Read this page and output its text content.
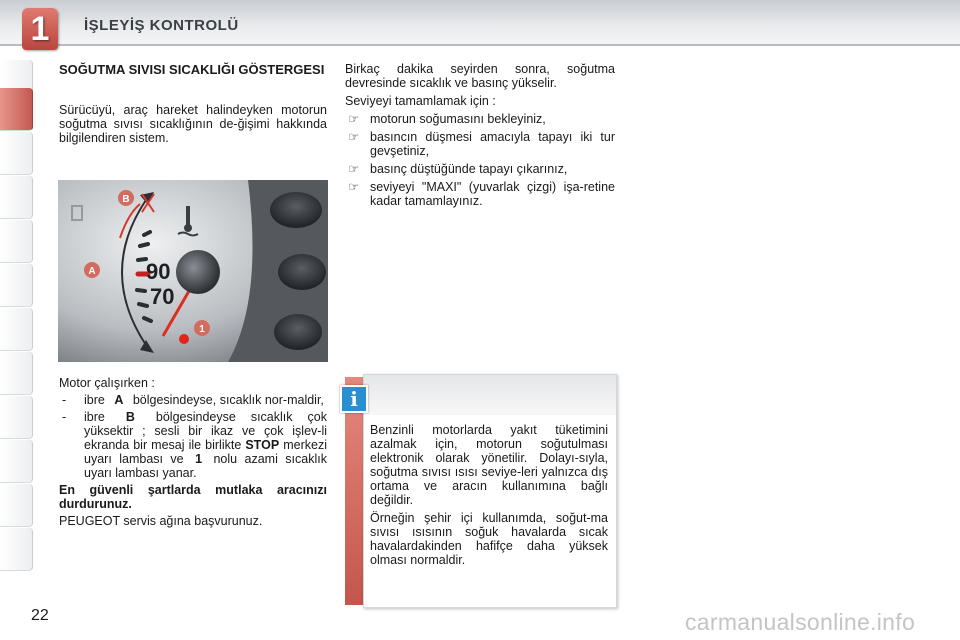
1	İŞLEYİŞ KONTROLÜ
SOĞUTMA SIVISI SICAKLIĞI GÖSTERGESI
Sürücüyü, araç hareket halindeyken motorun soğutma sıvısı sıcaklığının de-ğişimi hakkında bilgilendiren sistem.
90
70
B
A
1

Motor çalışırken :

- ibre A bölgesindeyse, sıcaklık nor-maldir,
- ibre B bölgesindeyse sıcaklık çok yüksektir ; sesli bir ikaz ve çok işlev-li ekranda bir mesaj ile birlikte STOP merkezi uyarı lambası ve 1 nolu azami sıcaklık uyarı lambası yanar.

En güvenli şartlarda mutlaka aracınızı durdurunuz.

PEUGEOT servis ağına başvurunuz.

Birkaç dakika seyirden sonra, soğutma devresinde sıcaklık ve basınç yükselir.

Seviyeyi tamamlamak için :

☞ motorun soğumasını bekleyiniz,
☞ basıncın düşmesi amacıyla tapayı iki tur gevşetiniz,
☞ basınç düştüğünde tapayı çıkarınız,
☞ seviyeyi "MAXI" (yuvarlak çizgi) işa-retine kadar tamamlayınız.
i

Benzinli motorlarda yakıt tüketimini azalmak için, motorun soğutulması elektronik olarak yönetilir. Dolayı-sıyla, soğutma sıvısı ısısı seviye-leri yalnızca dış ortama ve aracın kullanımına bağlı değildir.

Örneğin şehir içi kullanımda, soğut-ma sıvısı ısısının soğuk havalarda sıcak havalardakinden hafifçe daha yüksek olması normaldir.

22	carmanualsonline.info
